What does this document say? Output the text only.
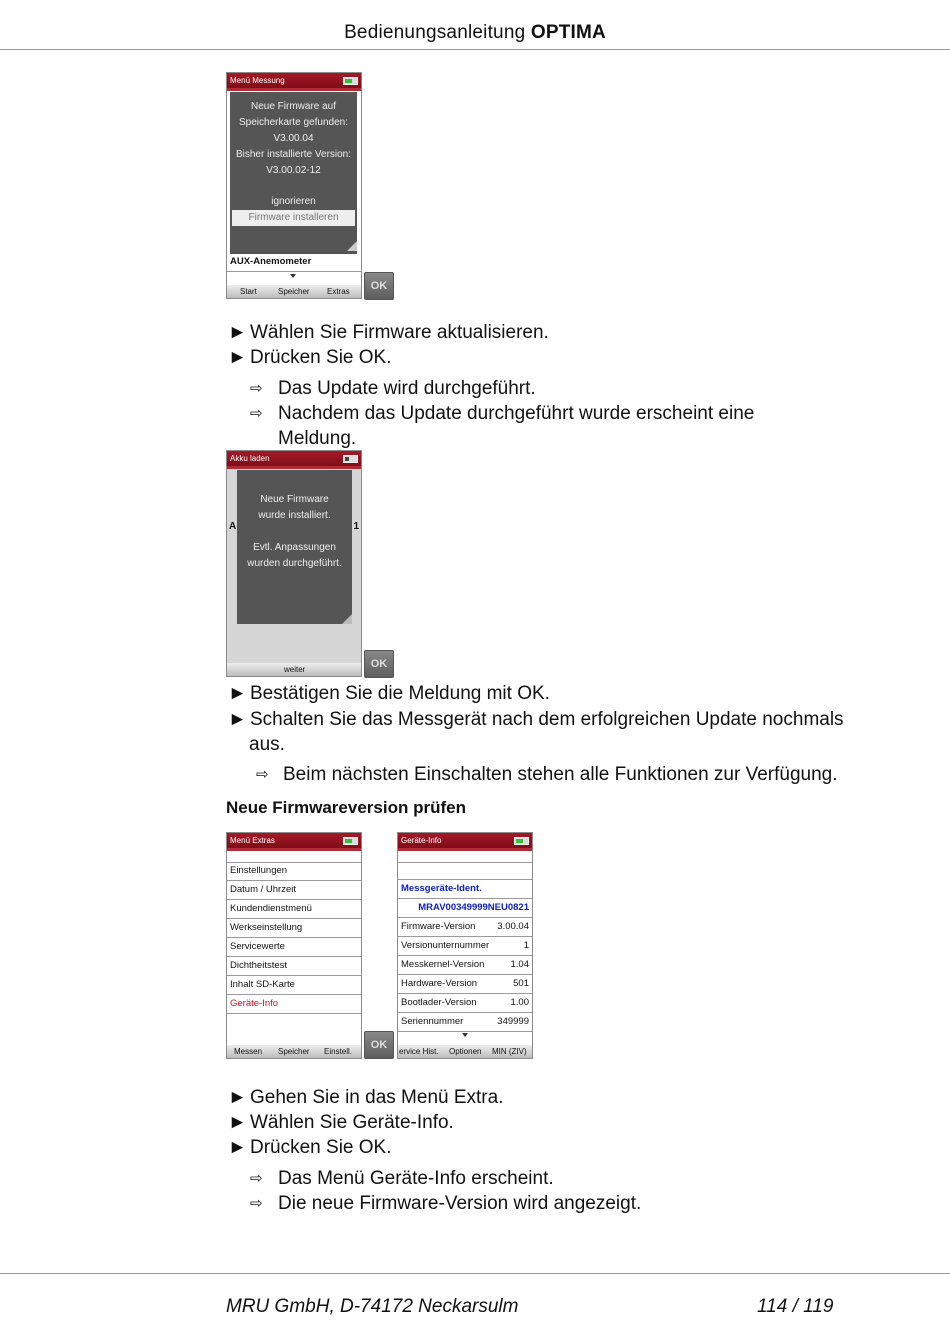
Bedienungsanleitung OPTIMA
Menü Messung
Neue Firmware auf
Speicherkarte gefunden:
V3.00.04
Bisher installierte Version:
V3.00.02-12
ignorieren
Firmware installeren
AUX-Anemometer
Start	Speicher Extras	OK
► Wählen Sie Firmware aktualisieren.
► Drücken Sie OK.
⇨ Das Update wird durchgeführt.
⇨ Nachdem das Update durchgeführt wurde erscheint eine Meldung.
Akku laden
A	1
Neue Firmware
wurde installiert.
Evtl. Anpassungen
wurden durchgeführt.
weiter	OK
► Bestätigen Sie die Meldung mit OK.
► Schalten Sie das Messgerät nach dem erfolgreichen Update nochmals aus.
⇨ Beim nächsten Einschalten stehen alle Funktionen zur Verfügung.
Neue Firmwareversion prüfen
Menü Extras
Einstellungen
Datum / Uhrzeit
Kundendienstmenü
Werkseinstellung
Servicewerte
Dichtheitstest
Inhalt SD-Karte
Geräte-Info
Messen Speicher Einstell.
OK
Geräte-Info
Messgeräte-Ident.
MRAV00349999NEU0821
Firmware-Version 3.00.04
Versionunternummer	1
Messkernel-Version	1.04
Hardware-Version	501
Bootlader-Version	1.00
Seriennummer	349999
ervice Hist. Optionen MIN (ZIV)
► Gehen Sie in das Menü Extra.
► Wählen Sie Geräte-Info.
► Drücken Sie OK.
⇨ Das Menü Geräte-Info erscheint.
⇨ Die neue Firmware-Version wird angezeigt.
MRU GmbH, D-74172 Neckarsulm	114 / 119
